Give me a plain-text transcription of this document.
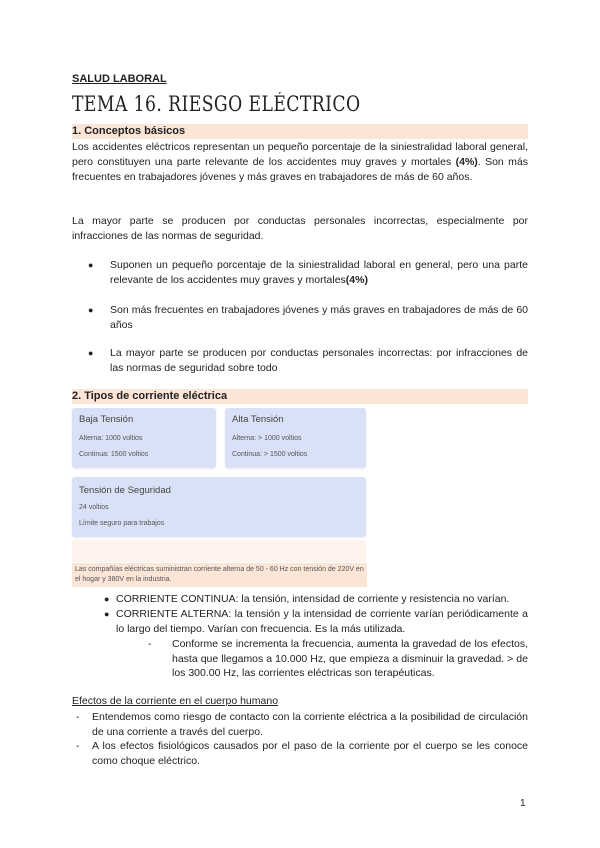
SALUD LABORAL
TEMA 16. RIESGO ELÉCTRICO
1. Conceptos básicos
Los accidentes eléctricos representan un pequeño porcentaje de la siniestralidad laboral general, pero constituyen una parte relevante de los accidentes muy graves y mortales (4%). Son más frecuentes en trabajadores jóvenes y más graves en trabajadores de más de 60 años.
La mayor parte se producen por conductas personales incorrectas, especialmente por infracciones de las normas de seguridad.
●	Suponen un pequeño porcentaje de la siniestralidad laboral en general, pero una parte relevante de los accidentes muy graves y mortales(4%)
●	Son más frecuentes en trabajadores jóvenes y más graves en trabajadores de más de 60 años
●	La mayor parte se producen por conductas personales incorrectas: por infracciones de las normas de seguridad sobre todo
2. Tipos de corriente eléctrica
Baja Tensión
Alterna: 1000 voltios
Continua: 1500 voltios
Alta Tensión
Alterna: > 1000 voltios
Continua: > 1500 voltios
Tensión de Seguridad
24 voltios
Límite seguro para trabajos
Las compañías eléctricas suministran corriente alterna de 50 - 60 Hz con tensión de 220V en el hogar y 380V en la industria.
● CORRIENTE CONTINUA: la tensión, intensidad de corriente y resistencia no varían.
● CORRIENTE ALTERNA: la tensión y la intensidad de corriente varían periódicamente a lo largo del tiempo. Varían con frecuencia. Es la más utilizada.
- Conforme se incrementa la frecuencia, aumenta la gravedad de los efectos, hasta que llegamos a 10.000 Hz, que empieza a disminuir la gravedad. > de los 300.00 Hz, las corrientes eléctricas son terapéuticas.
Efectos de la corriente en el cuerpo humano
- Entendemos como riesgo de contacto con la corriente eléctrica a la posibilidad de circulación de una corriente a través del cuerpo.
- A los efectos fisiológicos causados por el paso de la corriente por el cuerpo se les conoce como choque eléctrico.
1
